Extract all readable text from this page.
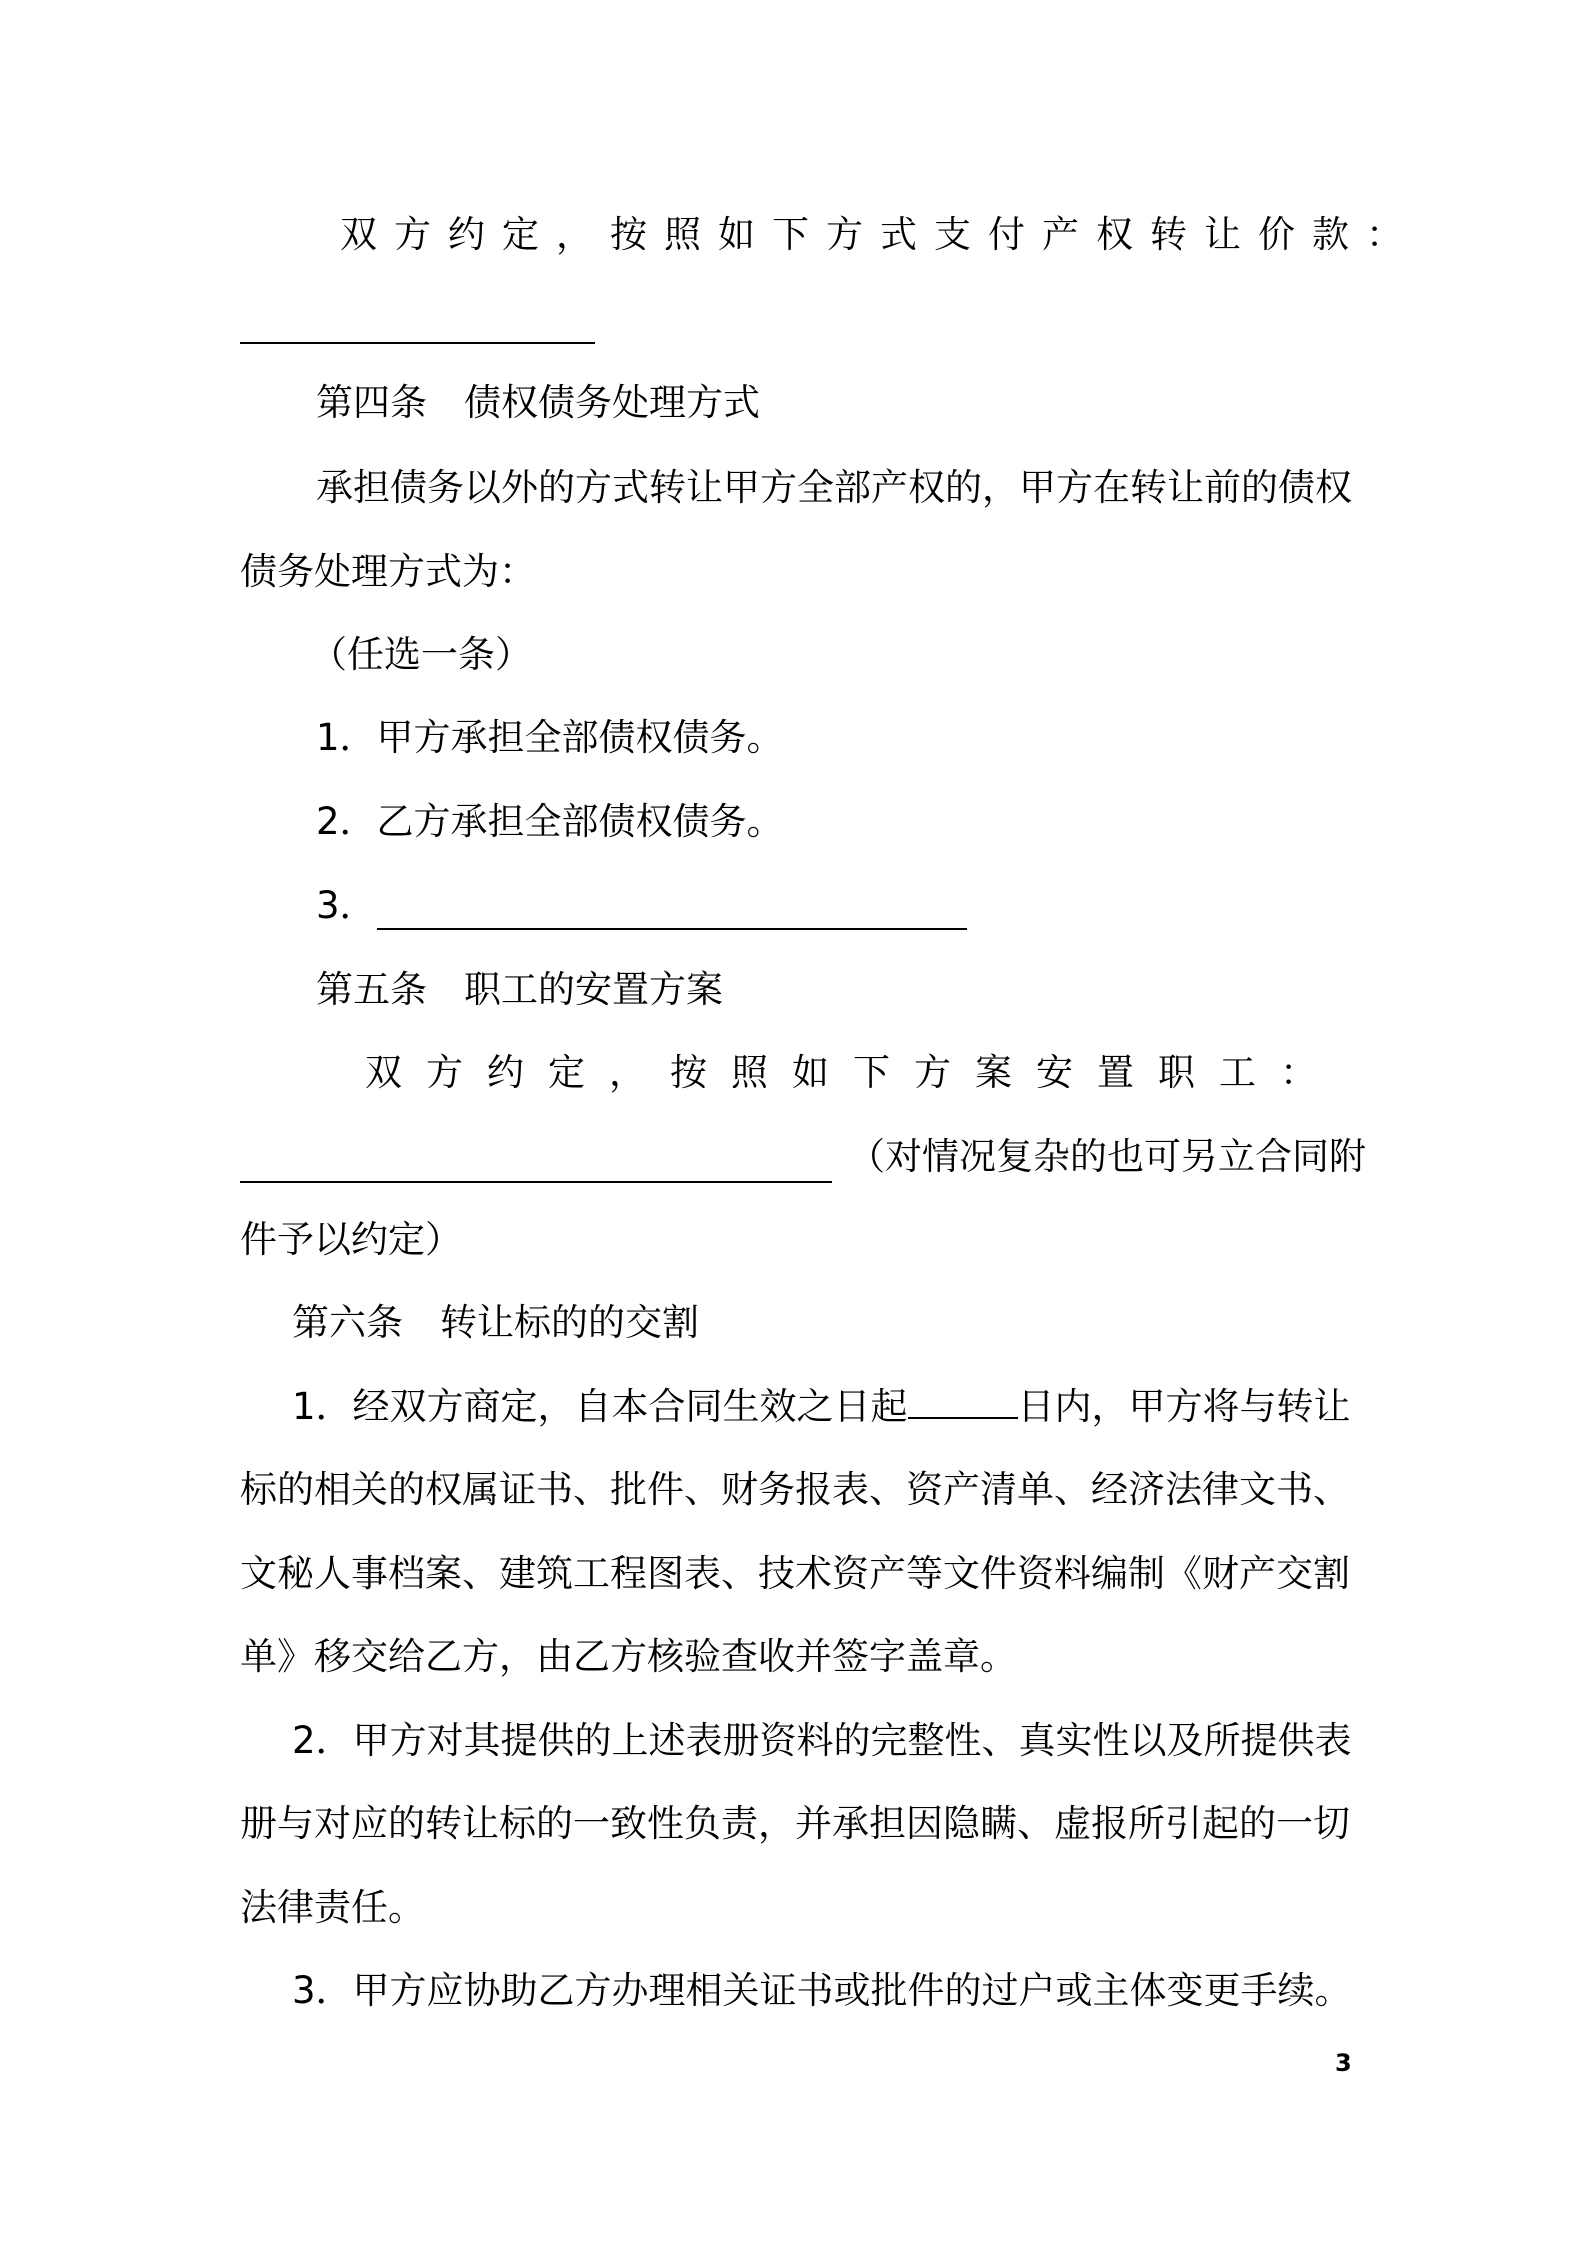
双方约定，按照如下方式支付产权转让价款：
第四条　债权债务处理方式
承担债务以外的方式转让甲方全部产权的，甲方在转让前的债权
债务处理方式为：
（任选一条）
1．甲方承担全部债权债务。
2．乙方承担全部债权债务。
3．
第五条　职工的安置方案
双方约定，按照如下方案安置职工：
（对情况复杂的也可另立合同附
件予以约定）
第六条　转让标的的交割
1．经双方商定，自本合同生效之日起	日内，甲方将与转让
标的相关的权属证书、批件、财务报表、资产清单、经济法律文书、
文秘人事档案、建筑工程图表、技术资产等文件资料编制《财产交割
单》移交给乙方，由乙方核验查收并签字盖章。
2．甲方对其提供的上述表册资料的完整性、真实性以及所提供表
册与对应的转让标的一致性负责，并承担因隐瞒、虚报所引起的一切
法律责任。
3．甲方应协助乙方办理相关证书或批件的过户或主体变更手续。
3
